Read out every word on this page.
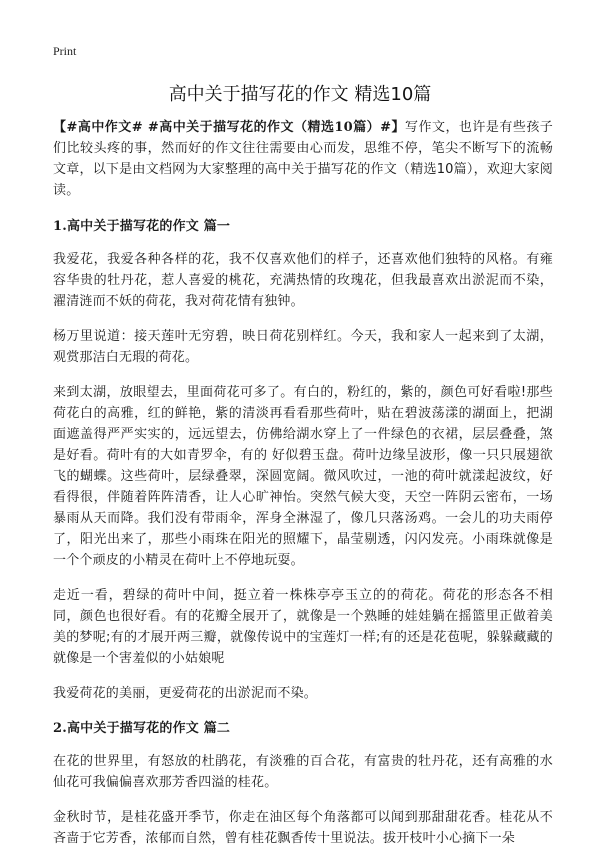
Print
高中关于描写花的作文 精选10篇

【#高中作文# #高中关于描写花的作文（精选10篇）#】写作文，也许是有些孩子们比较头疼的事，然而好的作文往往需要由心而发，思维不停，笔尖不断写下的流畅文章，以下是由文档网为大家整理的高中关于描写花的作文（精选10篇），欢迎大家阅读。

1.高中关于描写花的作文 篇一

我爱花，我爱各种各样的花，我不仅喜欢他们的样子，还喜欢他们独特的风格。有雍容华贵的牡丹花，惹人喜爱的桃花，充满热情的玫瑰花，但我最喜欢出淤泥而不染，濯清涟而不妖的荷花，我对荷花情有独钟。

杨万里说道：接天莲叶无穷碧，映日荷花别样红。今天，我和家人一起来到了太湖，观赏那洁白无瑕的荷花。

来到太湖，放眼望去，里面荷花可多了。有白的，粉红的，紫的，颜色可好看啦!那些荷花白的高雅，红的鲜艳，紫的清淡再看看那些荷叶，贴在碧波荡漾的湖面上，把湖面遮盖得严严实实的，远远望去，仿佛给湖水穿上了一件绿色的衣裙，层层叠叠，煞是好看。荷叶有的大如青罗伞，有的 好似碧玉盘。荷叶边缘呈波形，像一只只展翅欲飞的蝴蝶。这些荷叶，层绿叠翠，深圆宽阔。微风吹过，一池的荷叶就漾起波纹，好看得很，伴随着阵阵清香，让人心旷神怡。突然气候大变，天空一阵阴云密布，一场暴雨从天而降。我们没有带雨伞，浑身全淋湿了，像几只落汤鸡。一会儿的功夫雨停了，阳光出来了，那些小雨珠在阳光的照耀下，晶莹剔透，闪闪发亮。小雨珠就像是一个个顽皮的小精灵在荷叶上不停地玩耍。

走近一看，碧绿的荷叶中间，挺立着一株株亭亭玉立的的荷花。荷花的形态各不相同，颜色也很好看。有的花瓣全展开了，就像是一个熟睡的娃娃躺在摇篮里正做着美美的梦呢;有的才展开两三瓣，就像传说中的宝莲灯一样;有的还是花苞呢，躲躲藏藏的就像是一个害羞似的小姑娘呢

我爱荷花的美丽，更爱荷花的出淤泥而不染。

2.高中关于描写花的作文 篇二

在花的世界里，有怒放的杜鹃花，有淡雅的百合花，有富贵的牡丹花，还有高雅的水仙花可我偏偏喜欢那芳香四溢的桂花。

金秋时节，是桂花盛开季节，你走在油区每个角落都可以闻到那甜甜花香。桂花从不吝啬于它芳香，浓郁而自然，曾有桂花飘香传十里说法。拔开枝叶小心摘下一朵
